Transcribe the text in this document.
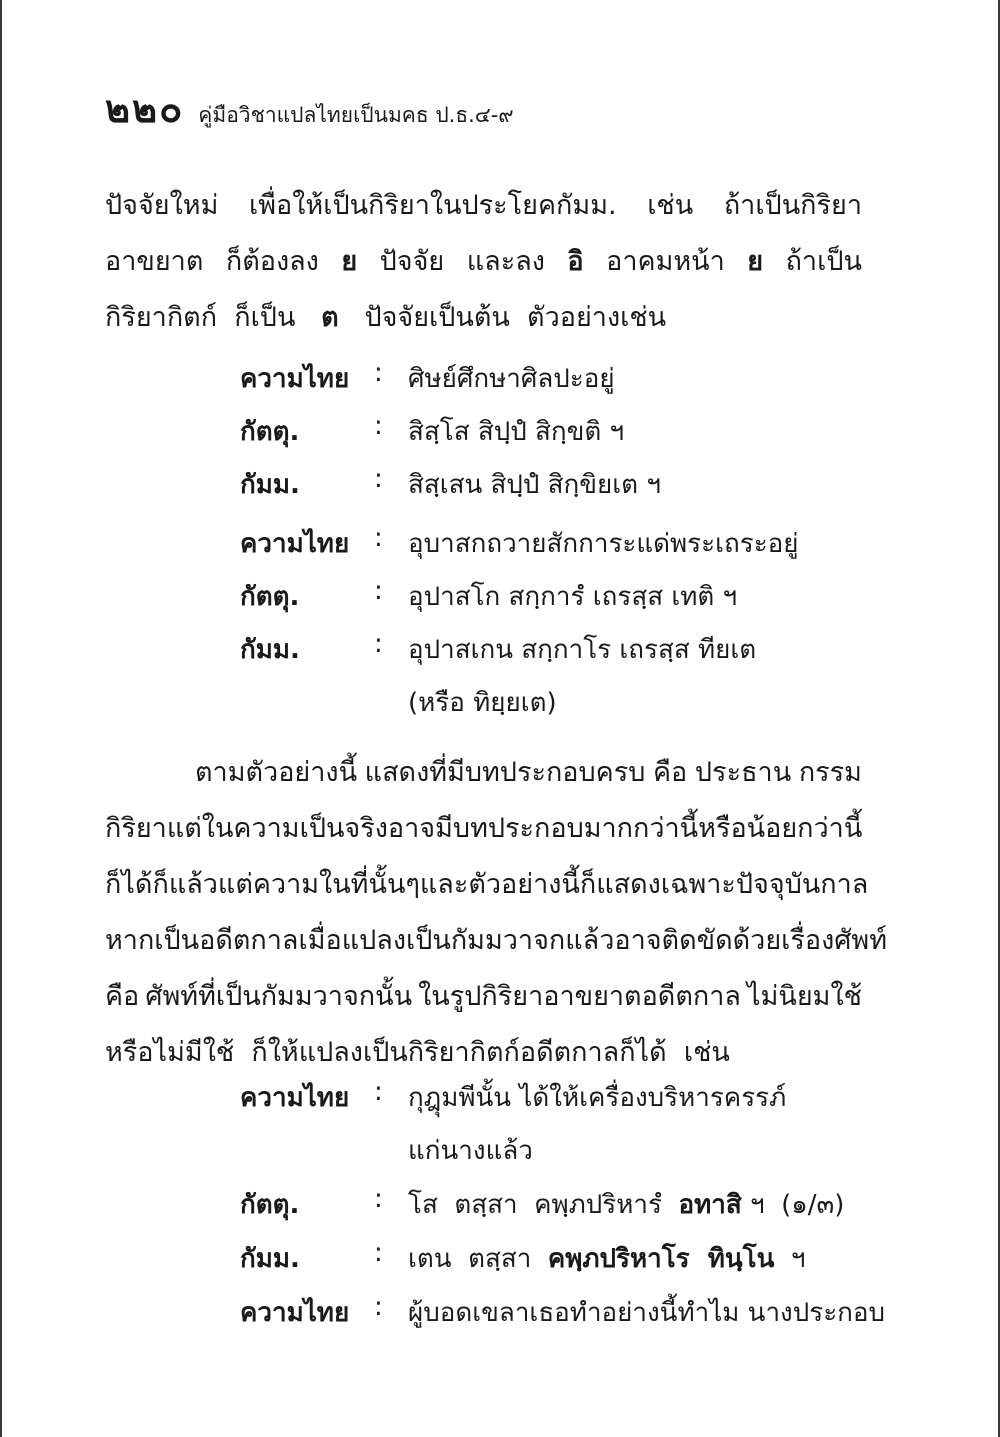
๒๒๐ คู่มือวิชาแปลไทยเป็นมคธ ป.ธ.๔-๙
ปัจจัยใหม่ เพื่อให้เป็นกิริยาในประโยคกัมม. เช่น ถ้าเป็นกิริยา
อาขยาต ก็ต้องลง ย ปัจจัย และลง อิ อาคมหน้า ย ถ้าเป็น
กิริยากิตก์ ก็เป็น ต ปัจจัยเป็นต้น ตัวอย่างเช่น
ความไทย : ศิษย์ศึกษาศิลปะอยู่
กัตตุ.	: สิสฺโส สิปฺปํ สิกฺขติ ฯ
กัมม.	: สิสฺเสน สิปฺปํ สิกฺขิยเต ฯ
ความไทย : อุบาสกถวายสักการะแด่พระเถระอยู่
กัตตุ.	: อุปาสโก สกฺการํ เถรสฺส เทติ ฯ
กัมม.	: อุปาสเกน สกฺกาโร เถรสฺส ทียเต
(หรือ ทิยฺยเต)
ตามตัวอย่างนี้ แสดงที่มีบทประกอบครบ คือ ประธาน กรรม
กิริยา แต่ในความเป็นจริงอาจมีบทประกอบมากกว่านี้ หรือน้อยกว่านี้
ก็ได้ ก็แล้วแต่ความในที่นั้นๆ และตัวอย่างนี้ก็แสดงเฉพาะปัจจุบันกาล
หากเป็นอดีตกาล เมื่อแปลงเป็นกัมมวาจกแล้วอาจติดขัดด้วยเรื่องศัพท์
คือ ศัพท์ที่เป็นกัมมวาจกนั้น ในรูปกิริยาอาขยาตอดีตกาล ไม่นิยมใช้
หรือไม่มีใช้ ก็ให้แปลงเป็นกิริยากิตก์อดีตกาลก็ได้ เช่น
ความไทย : กุฎุมพีนั้น ได้ให้เครื่องบริหารครรภ์
แก่นางแล้ว
กัตตุ.	: โส  ตสฺสา  คพฺภปริหารํ  อทาสิ ฯ  (๑/๓)
กัมม.	: เตน  ตสฺสา  คพฺภปริหาโร  ทินฺโน  ฯ
ความไทย : ผู้บอดเขลาเธอทำอย่างนี้ทำไม นางประกอบ
